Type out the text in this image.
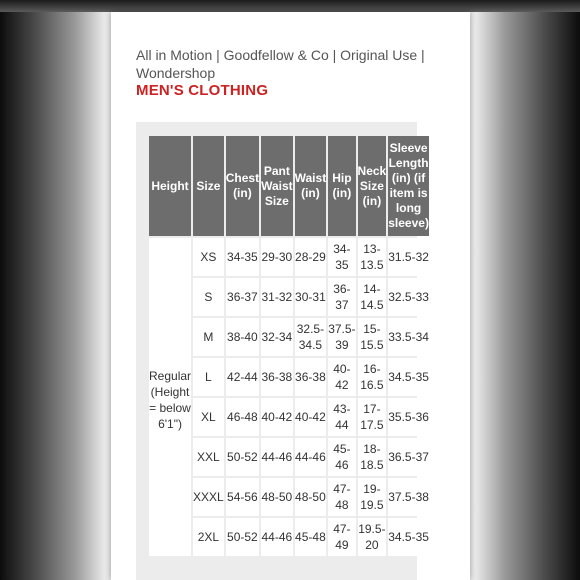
All in Motion | Goodfellow & Co | Original Use | Wondershop
MEN'S CLOTHING
Height	Size	Chest (in)	Pant Waist Size	Waist (in)	Hip (in)	Neck Size (in)	Sleeve Length (in) (if item is long sleeve)
Regular (Height = below 6'1")	XS	34-35	29-30	28-29	34-35	13-13.5	31.5-32
	S	36-37	31-32	30-31	36-37	14-14.5	32.5-33
	M	38-40	32-34	32.5-34.5	37.5-39	15-15.5	33.5-34
	L	42-44	36-38	36-38	40-42	16-16.5	34.5-35
	XL	46-48	40-42	40-42	43-44	17-17.5	35.5-36
	XXL	50-52	44-46	44-46	45-46	18-18.5	36.5-37
	XXXL	54-56	48-50	48-50	47-48	19-19.5	37.5-38
	2XL	50-52	44-46	45-48	47-49	19.5-20	34.5-35
